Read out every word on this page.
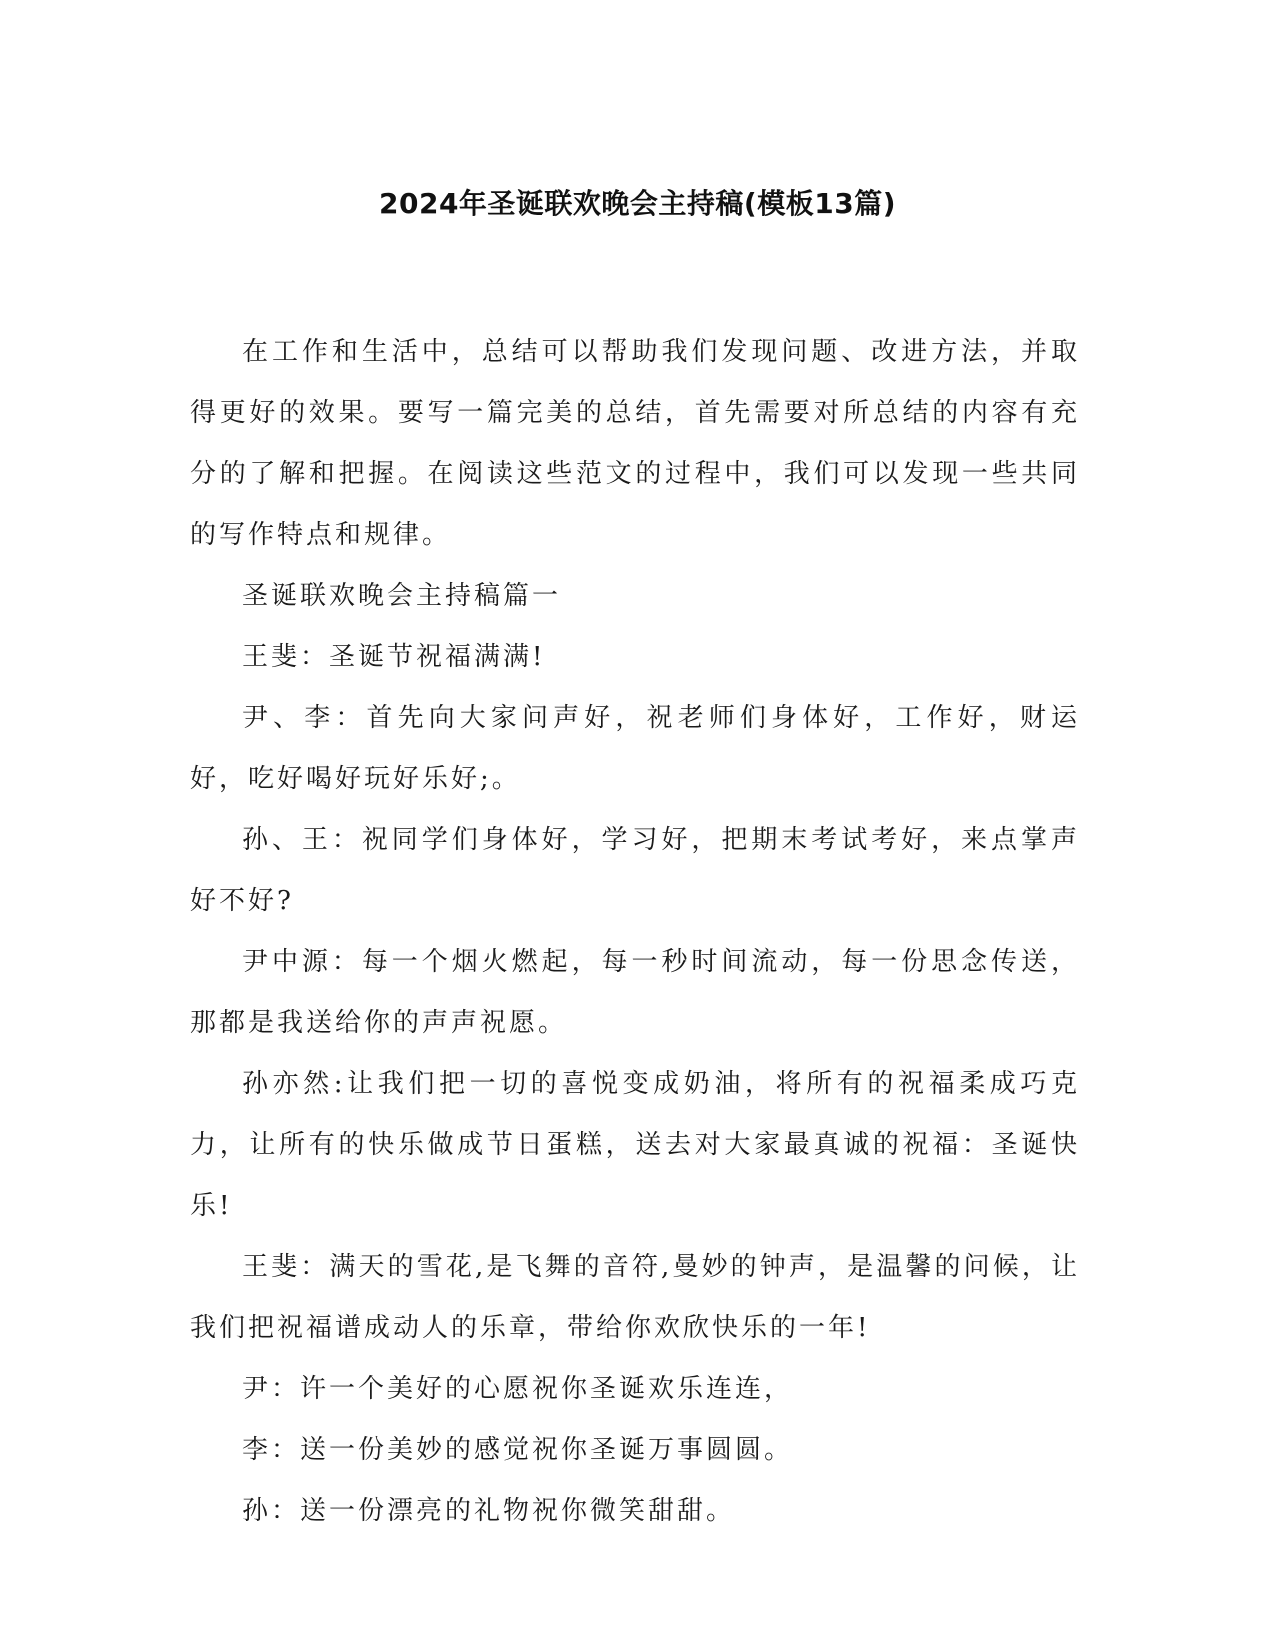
2024年圣诞联欢晚会主持稿(模板13篇)

在工作和生活中，总结可以帮助我们发现问题、改进方法，并取得更好的效果。要写一篇完美的总结，首先需要对所总结的内容有充分的了解和把握。在阅读这些范文的过程中，我们可以发现一些共同的写作特点和规律。

圣诞联欢晚会主持稿篇一

王斐：圣诞节祝福满满!

尹、李：首先向大家问声好，祝老师们身体好，工作好，财运好，吃好喝好玩好乐好;。

孙、王：祝同学们身体好，学习好，把期末考试考好，来点掌声好不好?

尹中源：每一个烟火燃起，每一秒时间流动，每一份思念传送，那都是我送给你的声声祝愿。

孙亦然:让我们把一切的喜悦变成奶油，将所有的祝福柔成巧克力，让所有的快乐做成节日蛋糕，送去对大家最真诚的祝福：圣诞快乐!

王斐：满天的雪花,是飞舞的音符,曼妙的钟声，是温馨的问候，让我们把祝福谱成动人的乐章，带给你欢欣快乐的一年!

尹：许一个美好的心愿祝你圣诞欢乐连连，

李：送一份美妙的感觉祝你圣诞万事圆圆。

孙：送一份漂亮的礼物祝你微笑甜甜。
